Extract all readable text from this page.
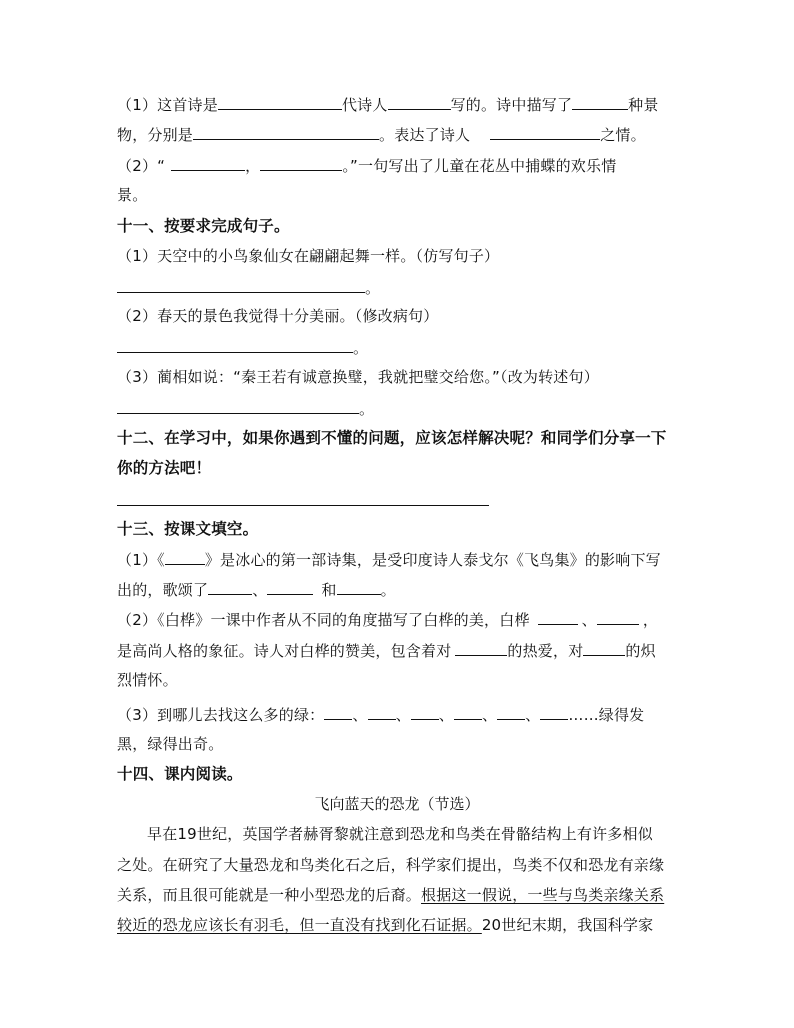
（1）这首诗是	代诗人	写的。诗中描写了	种景
物，分别是	。表达了诗人	之情。
（2）“	，	。”一句写出了儿童在花丛中捕蝶的欢乐情
景。
十一、按要求完成句子。
（1）天空中的小鸟象仙女在翩翩起舞一样。（仿写句子）
。
（2）春天的景色我觉得十分美丽。（修改病句）
。
（3）蔺相如说：“秦王若有诚意换璧，我就把璧交给您。”（改为转述句）
。
十二、在学习中，如果你遇到不懂的问题，应该怎样解决呢？和同学们分享一下
你的方法吧！
十三、按课文填空。
（1）《	》是冰心的第一部诗集，是受印度诗人泰戈尔《飞鸟集》的影响下写
出的，歌颂了	、	和	。
（2）《白桦》一课中作者从不同的角度描写了白桦的美，白桦	、	，
是高尚人格的象征。诗人对白桦的赞美，包含着对	的热爱，对	的炽
烈情怀。
（3）到哪儿去找这么多的绿： 、 、 、 、 、 ……绿得发
黑，绿得出奇。
十四、课内阅读。
飞向蓝天的恐龙（节选）
早在19世纪，英国学者赫胥黎就注意到恐龙和鸟类在骨骼结构上有许多相似
之处。在研究了大量恐龙和鸟类化石之后，科学家们提出，鸟类不仅和恐龙有亲缘
关系，而且很可能就是一种小型恐龙的后裔。根据这一假说，一些与鸟类亲缘关系
较近的恐龙应该长有羽毛，但一直没有找到化石证据。20世纪末期，我国科学家
